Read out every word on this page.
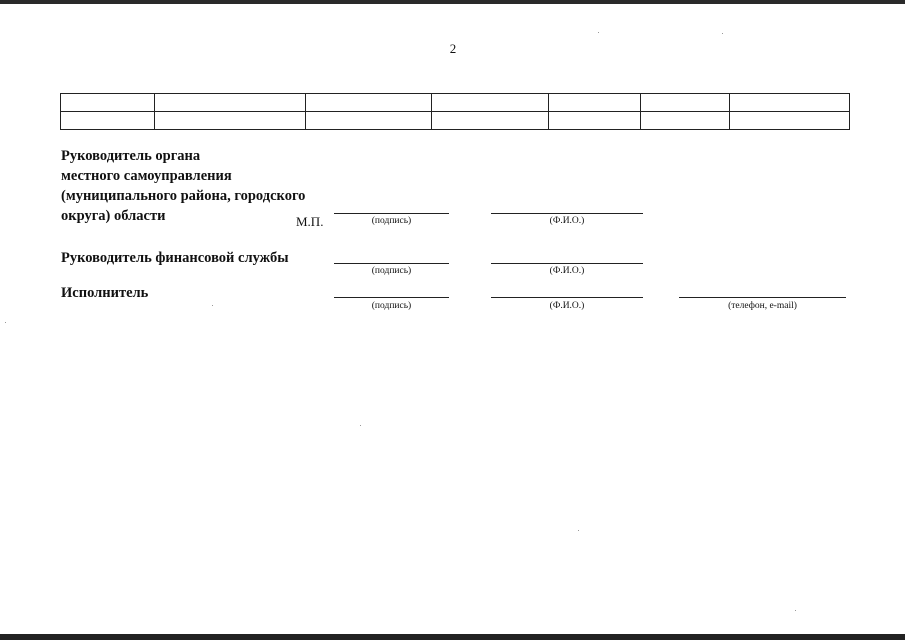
2

Руководитель органа
местного самоуправления
(муниципального района, городского
округа) области	М.П.	(подпись)	(Ф.И.О.)
Руководитель финансовой службы
(подпись)	(Ф.И.О.)
Исполнитель
(подпись)	(Ф.И.О.)	(телефон, e-mail)
